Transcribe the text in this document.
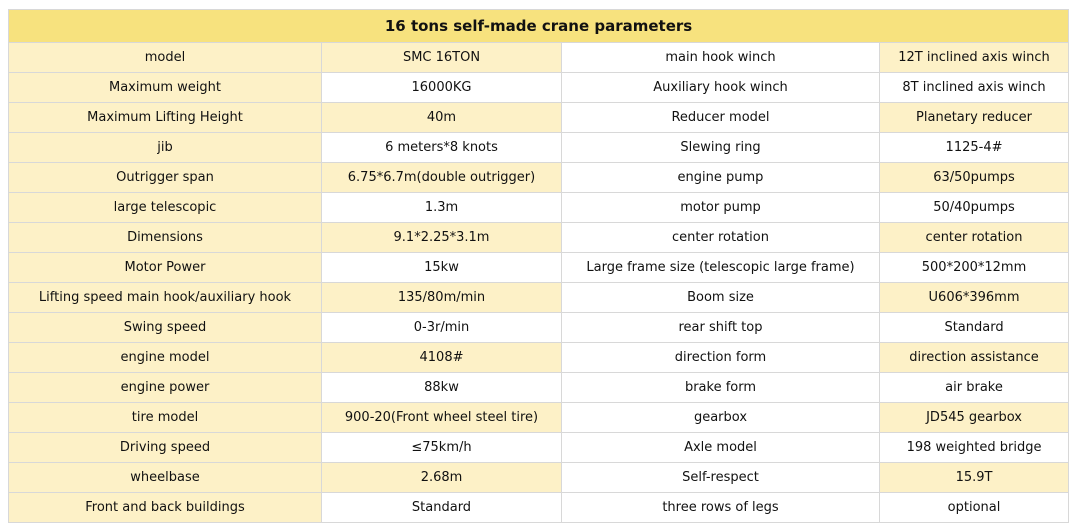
16 tons self-made crane parameters			
model	SMC 16TON	main hook winch	12T inclined axis winch
Maximum weight	16000KG	Auxiliary hook winch	8T inclined axis winch
Maximum Lifting Height	40m	Reducer model	Planetary reducer
jib	6 meters*8 knots	Slewing ring	1125-4#
Outrigger span	6.75*6.7m(double outrigger)	engine pump	63/50pumps
large telescopic	1.3m	motor pump	50/40pumps
Dimensions	9.1*2.25*3.1m	center rotation	center rotation
Motor Power	15kw	Large frame size (telescopic large frame)	500*200*12mm
Lifting speed main hook/auxiliary hook	135/80m/min	Boom size	U606*396mm
Swing speed	0-3r/min	rear shift top	Standard
engine model	4108#	direction form	direction assistance
engine power	88kw	brake form	air brake
tire model	900-20(Front wheel steel tire)	gearbox	JD545 gearbox
Driving speed	≤75km/h	Axle model	198 weighted bridge
wheelbase	2.68m	Self-respect	15.9T
Front and back buildings	Standard	three rows of legs	optional
